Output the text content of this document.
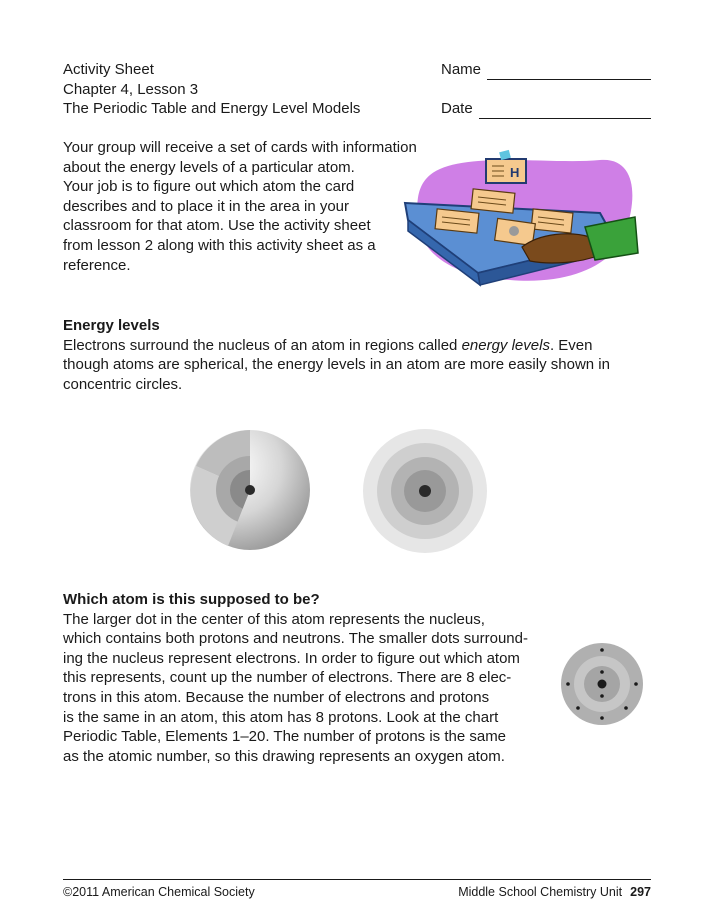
Activity Sheet
Chapter 4, Lesson 3
The Periodic Table and Energy Level Models
Name

Date
Your group will receive a set of cards with information
about the energy levels of a particular atom.
Your job is to figure out which atom the card
describes and to place it in the area in your
classroom for that atom. Use the activity sheet
from lesson 2 along with this activity sheet as a
reference.
H
Energy levels
Electrons surround the nucleus of an atom in regions called energy levels. Even
though atoms are spherical, the energy levels in an atom are more easily shown in
concentric circles.
Which atom is this supposed to be?
The larger dot in the center of this atom represents the nucleus,
which contains both protons and neutrons. The smaller dots surround-
ing the nucleus represent electrons. In order to figure out which atom
this represents, count up the number of electrons. There are 8 elec-
trons in this atom. Because the number of electrons and protons
is the same in an atom, this atom has 8 protons. Look at the chart
Periodic Table, Elements 1–20. The number of protons is the same
as the atomic number, so this drawing represents an oxygen atom.
©2011 American Chemical Society	Middle School Chemistry Unit 297
